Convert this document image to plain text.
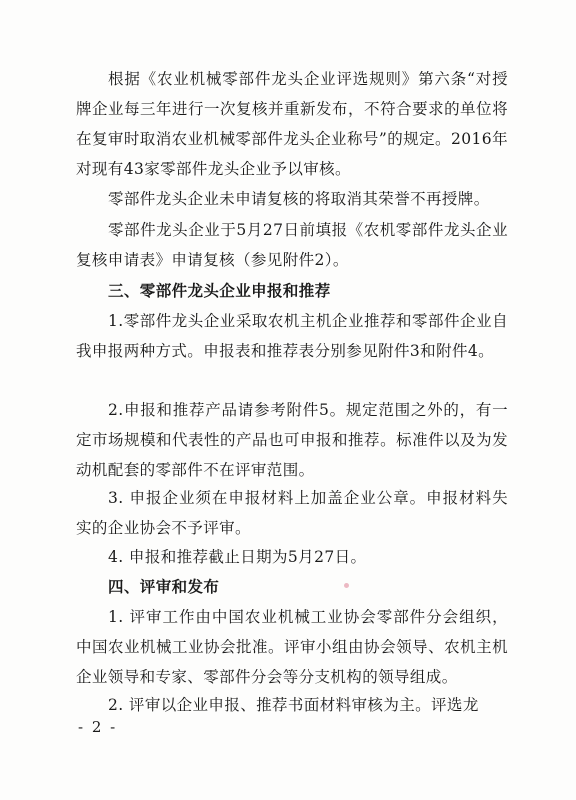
根据《农业机械零部件龙头企业评选规则》第六条“对授牌企业每三年进行一次复核并重新发布，不符合要求的单位将在复审时取消农业机械零部件龙头企业称号”的规定。2016年对现有43家零部件龙头企业予以审核。

零部件龙头企业未申请复核的将取消其荣誉不再授牌。

零部件龙头企业于5月27日前填报《农机零部件龙头企业复核申请表》申请复核（参见附件2）。

三、零部件龙头企业申报和推荐

1.零部件龙头企业采取农机主机企业推荐和零部件企业自我申报两种方式。申报表和推荐表分别参见附件3和附件4。

2.申报和推荐产品请参考附件5。规定范围之外的，有一定市场规模和代表性的产品也可申报和推荐。标准件以及为发动机配套的零部件不在评审范围。

3. 申报企业须在申报材料上加盖企业公章。申报材料失实的企业协会不予评审。

4. 申报和推荐截止日期为5月27日。

四、评审和发布

1. 评审工作由中国农业机械工业协会零部件分会组织，中国农业机械工业协会批准。评审小组由协会领导、农机主机企业领导和专家、零部件分会等分支机构的领导组成。

2. 评审以企业申报、推荐书面材料审核为主。评选龙

- 2 -
